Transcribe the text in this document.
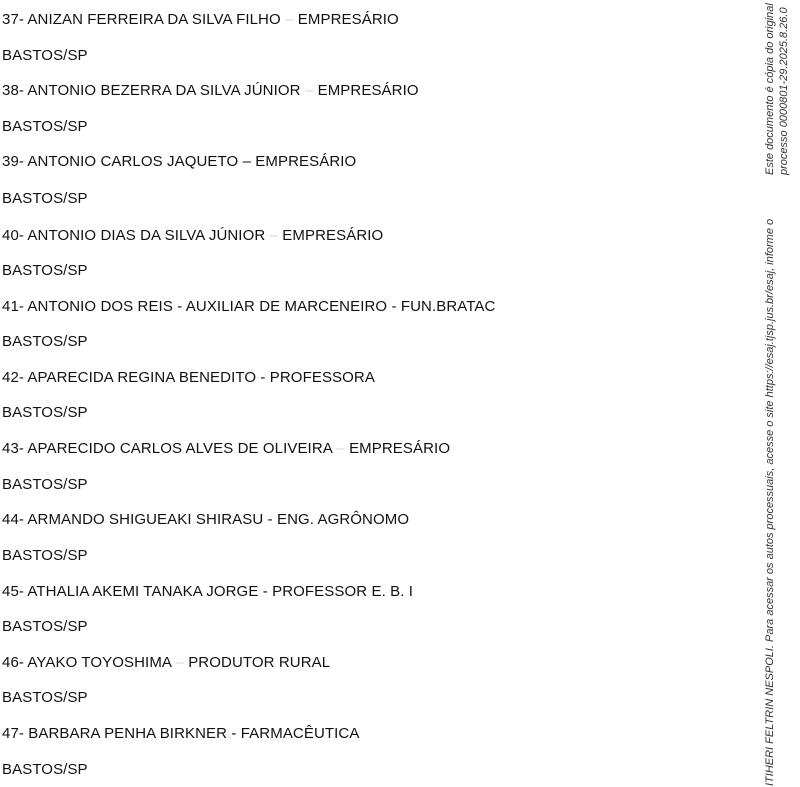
37- ANIZAN FERREIRA DA SILVA FILHO – EMPRESÁRIO
BASTOS/SP
38- ANTONIO BEZERRA DA SILVA JÚNIOR – EMPRESÁRIO
BASTOS/SP
39- ANTONIO CARLOS JAQUETO – EMPRESÁRIO
BASTOS/SP
40- ANTONIO DIAS DA SILVA JÚNIOR – EMPRESÁRIO
BASTOS/SP
41- ANTONIO DOS REIS - AUXILIAR DE MARCENEIRO - FUN.BRATAC
BASTOS/SP
42- APARECIDA REGINA BENEDITO - PROFESSORA
BASTOS/SP
43- APARECIDO CARLOS ALVES DE OLIVEIRA – EMPRESÁRIO
BASTOS/SP
44- ARMANDO SHIGUEAKI SHIRASU - ENG. AGRÔNOMO
BASTOS/SP
45- ATHALIA AKEMI TANAKA JORGE - PROFESSOR E. B. I
BASTOS/SP
46- AYAKO TOYOSHIMA – PRODUTOR RURAL
BASTOS/SP
47- BARBARA PENHA BIRKNER - FARMACÊUTICA
BASTOS/SP
Este documento é cópia do original processo 0000801-29.2025.8.26.0
ITIHERI FELTRIN NESPOLI. Para acessar os autos processuais, acesse o site https://esaj.tjsp.jus.br/esaj, informe o
